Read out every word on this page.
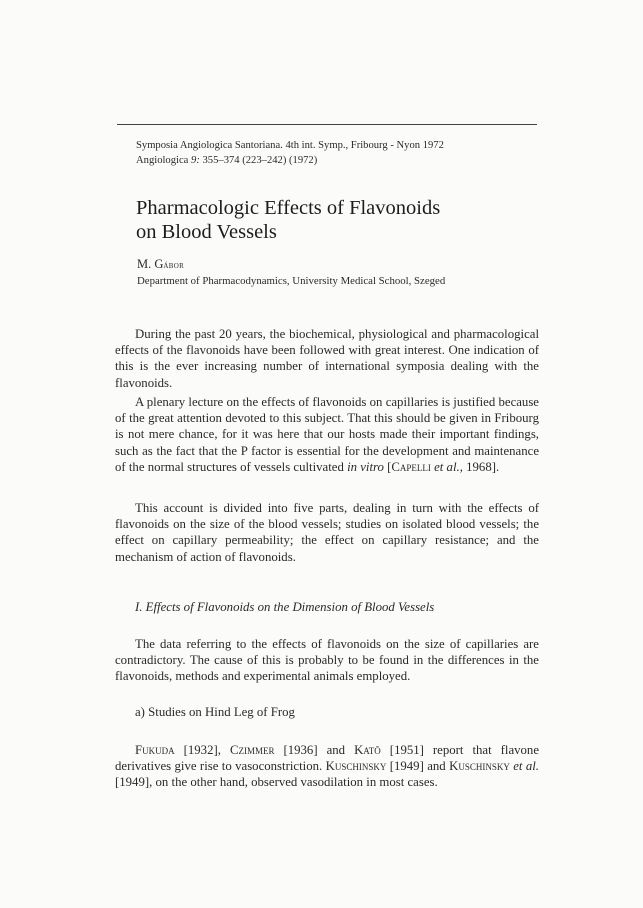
Symposia Angiologica Santoriana. 4th int. Symp., Fribourg - Nyon 1972
Angiologica 9: 355–374 (223–242) (1972)
Pharmacologic Effects of Flavonoids
on Blood Vessels
M. Gábor
Department of Pharmacodynamics, University Medical School, Szeged

During the past 20 years, the biochemical, physiological and pharmacological effects of the flavonoids have been followed with great interest. One indication of this is the ever increasing number of international symposia dealing with the flavonoids.

A plenary lecture on the effects of flavonoids on capillaries is justified because of the great attention devoted to this subject. That this should be given in Fribourg is not mere chance, for it was here that our hosts made their important findings, such as the fact that the P factor is essential for the development and maintenance of the normal structures of vessels cultivated in vitro [Capelli et al., 1968].

This account is divided into five parts, dealing in turn with the effects of flavonoids on the size of the blood vessels; studies on isolated blood vessels; the effect on capillary permeability; the effect on capillary resistance; and the mechanism of action of flavonoids.

I. Effects of Flavonoids on the Dimension of Blood Vessels

The data referring to the effects of flavonoids on the size of capillaries are contradictory. The cause of this is probably to be found in the differences in the flavonoids, methods and experimental animals employed.

a) Studies on Hind Leg of Frog

Fukuda [1932], Czimmer [1936] and Katō [1951] report that flavone derivatives give rise to vasoconstriction. Kuschinsky [1949] and Kuschinsky et al. [1949], on the other hand, observed vasodilation in most cases.
